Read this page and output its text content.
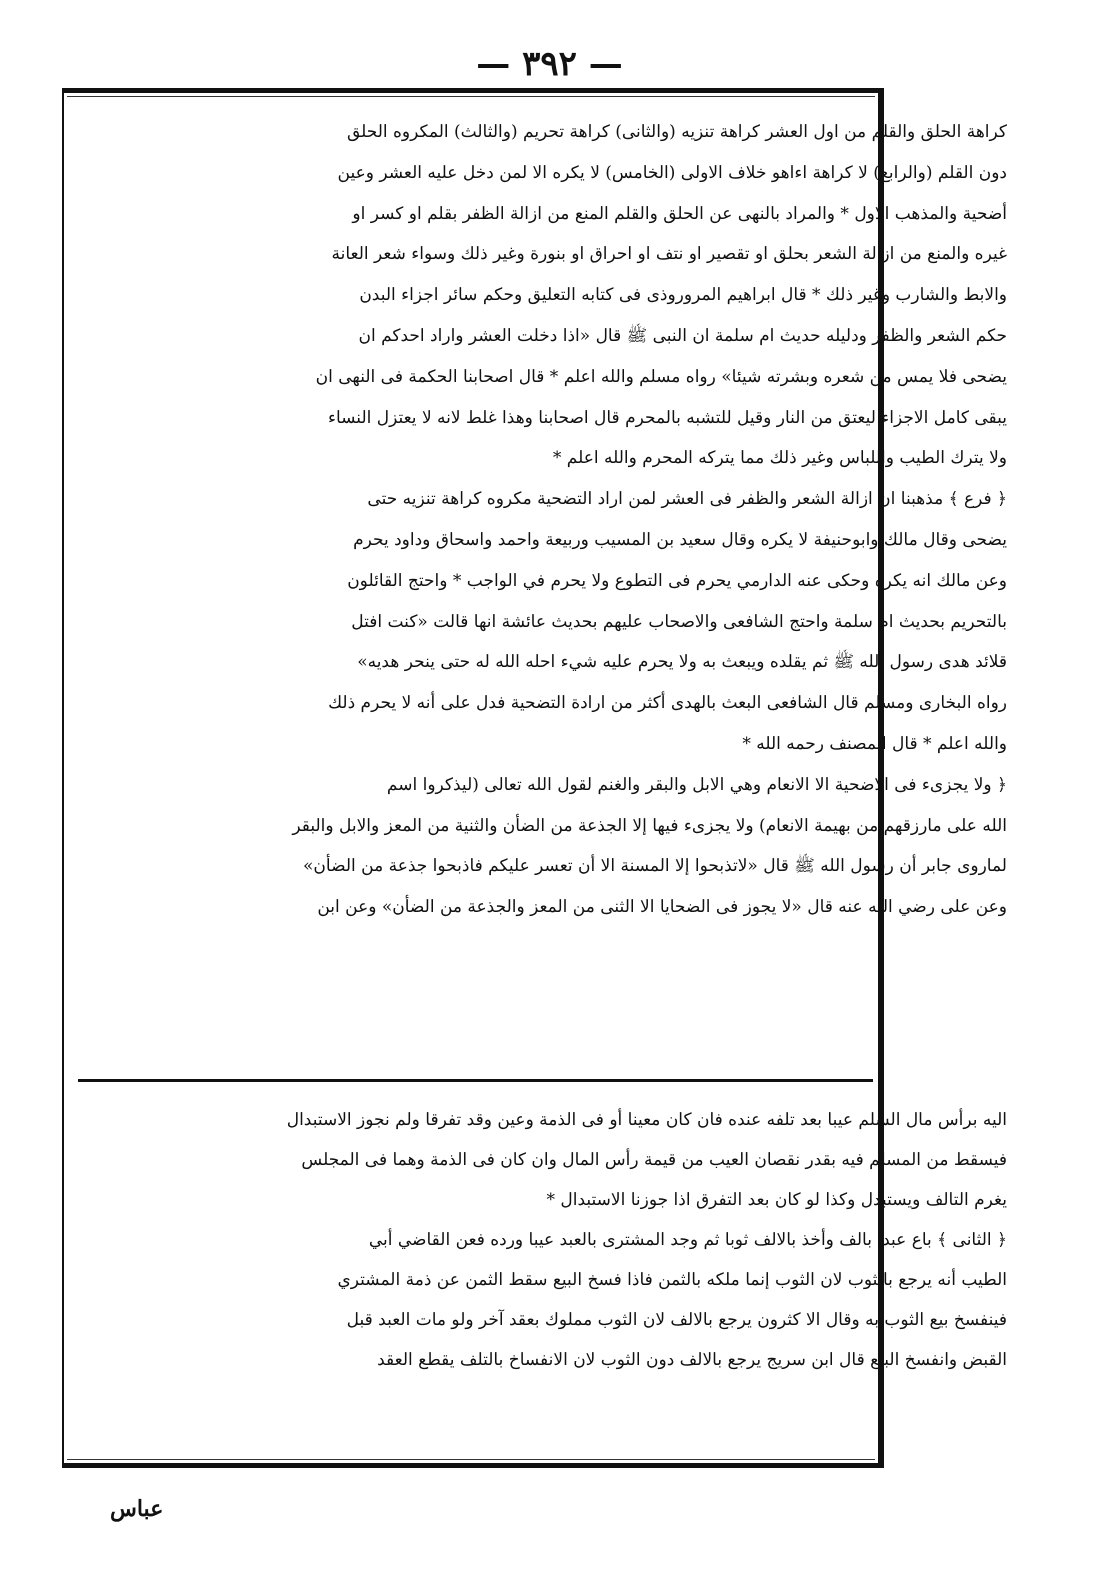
— ٣٩٢ —
كراهة الحلق والقلم من اول العشر كراهة تنزيه (والثانى) كراهة تحريم (والثالث) المكروه الحلق
دون القلم (والرابع) لا كراهة اءاهو خلاف الاولى (الخامس) لا يكره الا لمن دخل عليه العشر وعين
أضحية والمذهب الاول * والمراد بالنهى عن الحلق والقلم المنع من ازالة الظفر بقلم او كسر او
غيره والمنع من ازالة الشعر بحلق او تقصير او نتف او احراق او بنورة وغير ذلك وسواء شعر العانة
والابط والشارب وغير ذلك * قال ابراهيم المروروذى فى كتابه التعليق وحكم سائر اجزاء البدن
حكم الشعر والظفر ودليله حديث ام سلمة ان النبى ﷺ قال «اذا دخلت العشر واراد احدكم ان
يضحى فلا يمس من شعره وبشرته شيئا» رواه مسلم والله اعلم * قال اصحابنا الحكمة فى النهى ان
يبقى كامل الاجزاء ليعتق من النار وقيل للتشبه بالمحرم قال اصحابنا وهذا غلط لانه لا يعتزل النساء
ولا يترك الطيب واللباس وغير ذلك مما يتركه المحرم والله اعلم *
﴿ فرع ﴾ مذهبنا ان ازالة الشعر والظفر فى العشر لمن اراد التضحية مكروه كراهة تنزيه حتى
يضحى وقال مالك وابوحنيفة لا يكره وقال سعيد بن المسيب وربيعة واحمد واسحاق وداود يحرم
وعن مالك انه يكره وحكى عنه الدارمي يحرم فى التطوع ولا يحرم في الواجب * واحتج القائلون
بالتحريم بحديث ام سلمة واحتج الشافعى والاصحاب عليهم بحديث عائشة انها قالت «كنت افتل
قلائد هدى رسول الله ﷺ ثم يقلده ويبعث به ولا يحرم عليه شيء احله الله له حتى ينحر هديه»
رواه البخارى ومسلم قال الشافعى البعث بالهدى أكثر من ارادة التضحية فدل على أنه لا يحرم ذلك
والله اعلم * قال المصنف رحمه الله *
﴿ ولا يجزىء فى الاضحية الا الانعام وهي الابل والبقر والغنم لقول الله تعالى (ليذكروا اسم
الله على مارزقهم من بهيمة الانعام) ولا يجزىء فيها إلا الجذعة من الضأن والثنية من المعز والابل والبقر
لماروى جابر أن رسول الله ﷺ قال «لاتذبحوا إلا المسنة الا أن تعسر عليكم فاذبحوا جذعة من الضأن»
وعن على رضي الله عنه قال «لا يجوز فى الضحايا الا الثنى من المعز والجذعة من الضأن» وعن ابن
اليه برأس مال السلم عيبا بعد تلفه عنده فان كان معينا أو فى الذمة وعين وقد تفرقا ولم نجوز الاستبدال
فيسقط من المسلم فيه بقدر نقصان العيب من قيمة رأس المال وان كان فى الذمة وهما فى المجلس
يغرم التالف ويستبدل وكذا لو كان بعد التفرق اذا جوزنا الاستبدال *
﴿ الثانى ﴾ باع عبدا بالف وأخذ بالالف ثوبا ثم وجد المشترى بالعبد عيبا ورده فعن القاضي أبي
الطيب أنه يرجع بالثوب لان الثوب إنما ملكه بالثمن فاذا فسخ البيع سقط الثمن عن ذمة المشتري
فينفسخ بيع الثوب به وقال الا كثرون يرجع بالالف لان الثوب مملوك بعقد آخر ولو مات العبد قبل
القبض وانفسخ البيع قال ابن سريج يرجع بالالف دون الثوب لان الانفساخ بالتلف يقطع العقد
عباس
